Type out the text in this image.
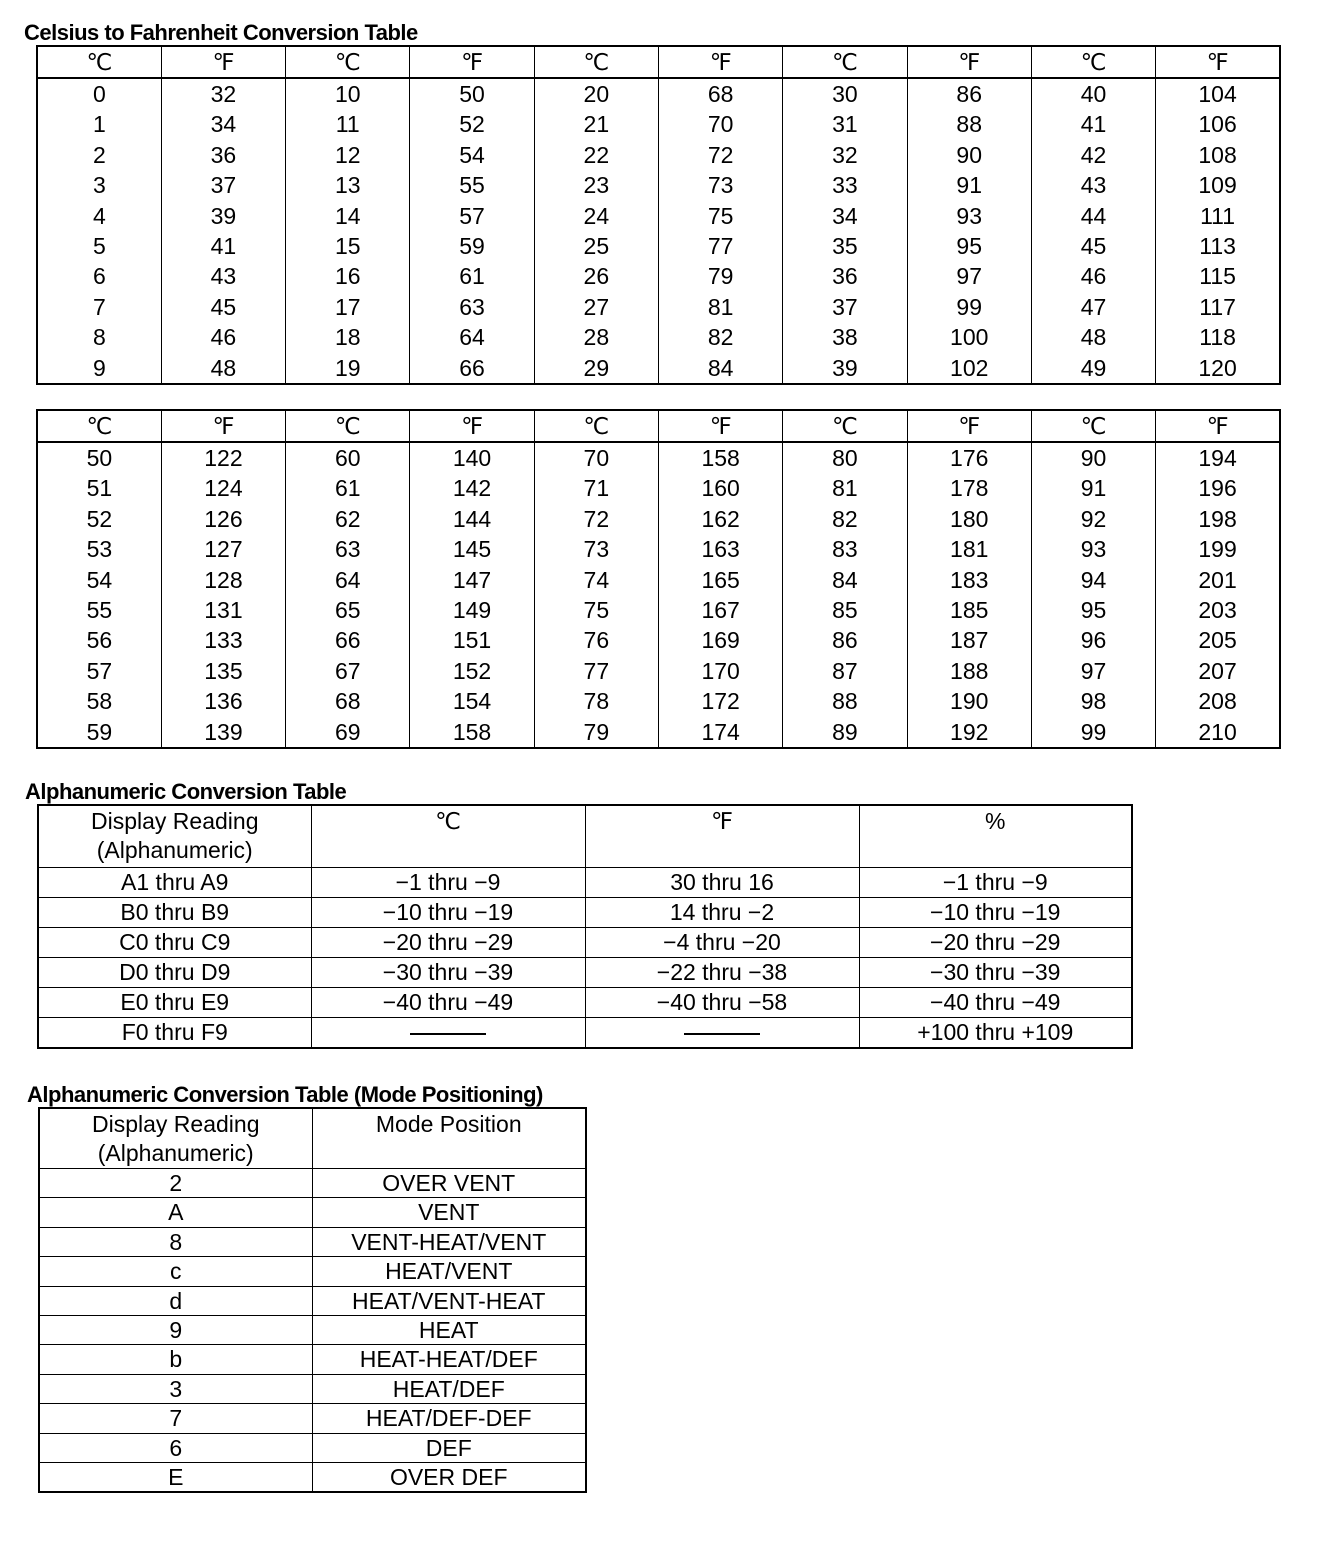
Celsius to Fahrenheit Conversion Table
℃	℉	℃	℉	℃	℉	℃	℉	℃	℉
0	32	10	50	20	68	30	86	40	104
1	34	11	52	21	70	31	88	41	106
2	36	12	54	22	72	32	90	42	108
3	37	13	55	23	73	33	91	43	109
4	39	14	57	24	75	34	93	44	111
5	41	15	59	25	77	35	95	45	113
6	43	16	61	26	79	36	97	46	115
7	45	17	63	27	81	37	99	47	117
8	46	18	64	28	82	38	100	48	118
9	48	19	66	29	84	39	102	49	120
℃	℉	℃	℉	℃	℉	℃	℉	℃	℉
50	122	60	140	70	158	80	176	90	194
51	124	61	142	71	160	81	178	91	196
52	126	62	144	72	162	82	180	92	198
53	127	63	145	73	163	83	181	93	199
54	128	64	147	74	165	84	183	94	201
55	131	65	149	75	167	85	185	95	203
56	133	66	151	76	169	86	187	96	205
57	135	67	152	77	170	87	188	97	207
58	136	68	154	78	172	88	190	98	208
59	139	69	158	79	174	89	192	99	210
Alphanumeric Conversion Table
Display Reading
(Alphanumeric)	℃	℉	%
A1 thru A9	−1 thru −9	30 thru 16	−1 thru −9
B0 thru B9	−10 thru −19	14 thru −2	−10 thru −19
C0 thru C9	−20 thru −29	−4 thru −20	−20 thru −29
D0 thru D9	−30 thru −39	−22 thru −38	−30 thru −39
E0 thru E9	−40 thru −49	−40 thru −58	−40 thru −49
F0 thru F9			+100 thru +109
Alphanumeric Conversion Table (Mode Positioning)
Display Reading
(Alphanumeric)	Mode Position
2	OVER VENT
A	VENT
8	VENT-HEAT/VENT
c	HEAT/VENT
d	HEAT/VENT-HEAT
9	HEAT
b	HEAT-HEAT/DEF
3	HEAT/DEF
7	HEAT/DEF-DEF
6	DEF
E	OVER DEF
